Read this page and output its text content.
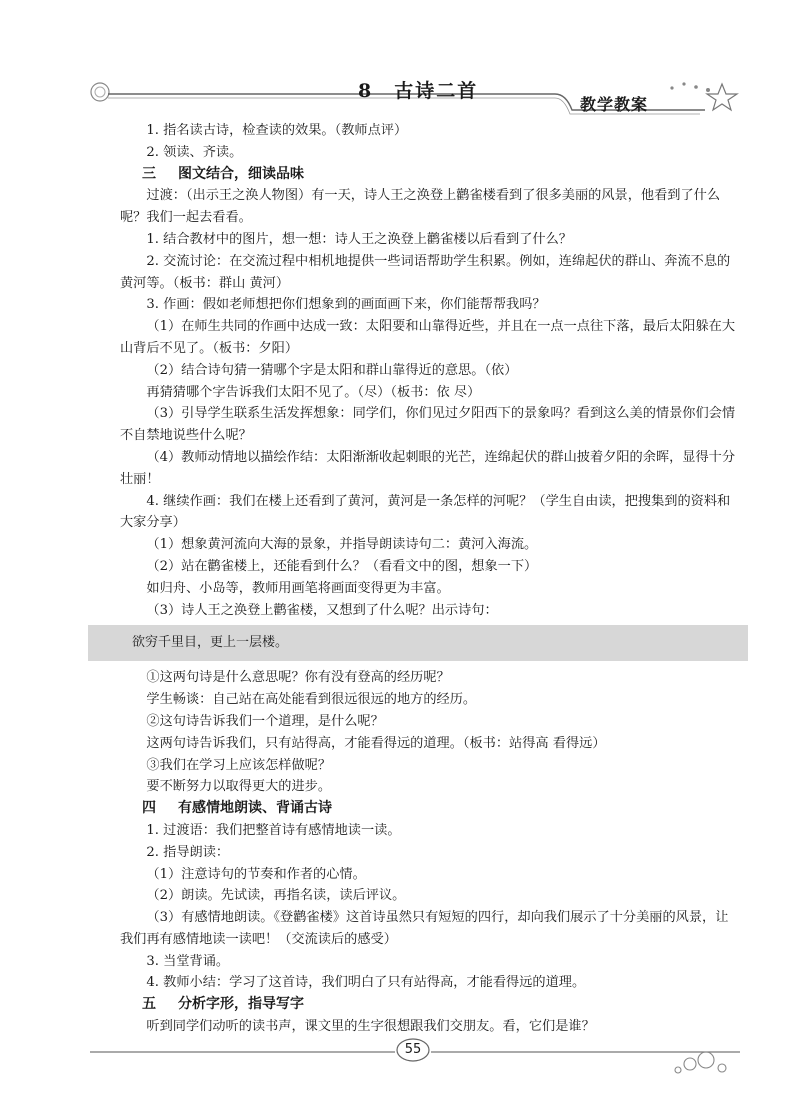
8　古诗二首
教学教案

1. 指名读古诗，检查读的效果。（教师点评）

2. 领读、齐读。

三 图文结合，细读品味

过渡：（出示王之涣人物图）有一天，诗人王之涣登上鹳雀楼看到了很多美丽的风景，他看到了什么呢？我们一起去看看。

1. 结合教材中的图片，想一想：诗人王之涣登上鹳雀楼以后看到了什么？

2. 交流讨论：在交流过程中相机地提供一些词语帮助学生积累。例如，连绵起伏的群山、奔流不息的黄河等。（板书：群山 黄河）

3. 作画：假如老师想把你们想象到的画面画下来，你们能帮帮我吗？

（1）在师生共同的作画中达成一致：太阳要和山靠得近些，并且在一点一点往下落，最后太阳躲在大山背后不见了。（板书：夕阳）

（2）结合诗句猜一猜哪个字是太阳和群山靠得近的意思。（依）

再猜猜哪个字告诉我们太阳不见了。（尽）（板书：依 尽）

（3）引导学生联系生活发挥想象：同学们，你们见过夕阳西下的景象吗？看到这么美的情景你们会情不自禁地说些什么呢？

（4）教师动情地以描绘作结：太阳渐渐收起刺眼的光芒，连绵起伏的群山披着夕阳的余晖，显得十分壮丽！

4. 继续作画：我们在楼上还看到了黄河，黄河是一条怎样的河呢？（学生自由读，把搜集到的资料和大家分享）

（1）想象黄河流向大海的景象，并指导朗读诗句二：黄河入海流。

（2）站在鹳雀楼上，还能看到什么？（看看文中的图，想象一下）

如归舟、小岛等，教师用画笔将画面变得更为丰富。

（3）诗人王之涣登上鹳雀楼，又想到了什么呢？出示诗句：

欲穷千里目，更上一层楼。

①这两句诗是什么意思呢？你有没有登高的经历呢？

学生畅谈：自己站在高处能看到很远很远的地方的经历。

②这句诗告诉我们一个道理，是什么呢？

这两句诗告诉我们，只有站得高，才能看得远的道理。（板书：站得高 看得远）

③我们在学习上应该怎样做呢？

要不断努力以取得更大的进步。

四 有感情地朗读、背诵古诗

1. 过渡语：我们把整首诗有感情地读一读。

2. 指导朗读：

（1）注意诗句的节奏和作者的心情。

（2）朗读。先试读，再指名读，读后评议。

（3）有感情地朗读。《登鹳雀楼》这首诗虽然只有短短的四行，却向我们展示了十分美丽的风景，让我们再有感情地读一读吧！（交流读后的感受）

3. 当堂背诵。

4. 教师小结：学习了这首诗，我们明白了只有站得高，才能看得远的道理。

五 分析字形，指导写字

听到同学们动听的读书声，课文里的生字很想跟我们交朋友。看，它们是谁？

55
